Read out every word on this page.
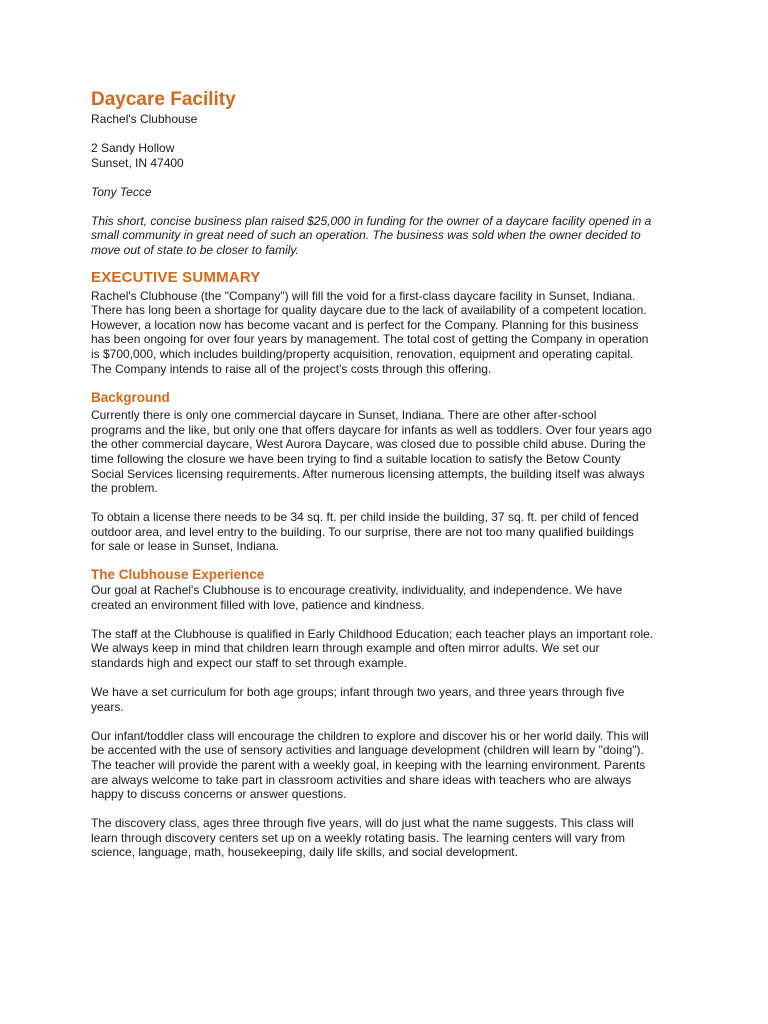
Daycare Facility
Rachel's Clubhouse
2 Sandy Hollow
Sunset, IN 47400
Tony Tecce

This short, concise business plan raised $25,000 in funding for the owner of a daycare facility opened in a
small community in great need of such an operation. The business was sold when the owner decided to
move out of state to be closer to family.

EXECUTIVE SUMMARY

Rachel's Clubhouse (the "Company") will fill the void for a first-class daycare facility in Sunset, Indiana.
There has long been a shortage for quality daycare due to the lack of availability of a competent location.
However, a location now has become vacant and is perfect for the Company. Planning for this business
has been ongoing for over four years by management. The total cost of getting the Company in operation
is $700,000, which includes building/property acquisition, renovation, equipment and operating capital.
The Company intends to raise all of the project's costs through this offering.

Background

Currently there is only one commercial daycare in Sunset, Indiana. There are other after-school
programs and the like, but only one that offers daycare for infants as well as toddlers. Over four years ago
the other commercial daycare, West Aurora Daycare, was closed due to possible child abuse. During the
time following the closure we have been trying to find a suitable location to satisfy the Betow County
Social Services licensing requirements. After numerous licensing attempts, the building itself was always
the problem.

To obtain a license there needs to be 34 sq. ft. per child inside the building, 37 sq. ft. per child of fenced
outdoor area, and level entry to the building. To our surprise, there are not too many qualified buildings
for sale or lease in Sunset, Indiana.

The Clubhouse Experience

Our goal at Rachel's Clubhouse is to encourage creativity, individuality, and independence. We have
created an environment filled with love, patience and kindness.

The staff at the Clubhouse is qualified in Early Childhood Education; each teacher plays an important role.
We always keep in mind that children learn through example and often mirror adults. We set our
standards high and expect our staff to set through example.

We have a set curriculum for both age groups; infant through two years, and three years through five
years.

Our infant/toddler class will encourage the children to explore and discover his or her world daily. This will
be accented with the use of sensory activities and language development (children will learn by "doing").
The teacher will provide the parent with a weekly goal, in keeping with the learning environment. Parents
are always welcome to take part in classroom activities and share ideas with teachers who are always
happy to discuss concerns or answer questions.

The discovery class, ages three through five years, will do just what the name suggests. This class will
learn through discovery centers set up on a weekly rotating basis. The learning centers will vary from
science, language, math, housekeeping, daily life skills, and social development.
